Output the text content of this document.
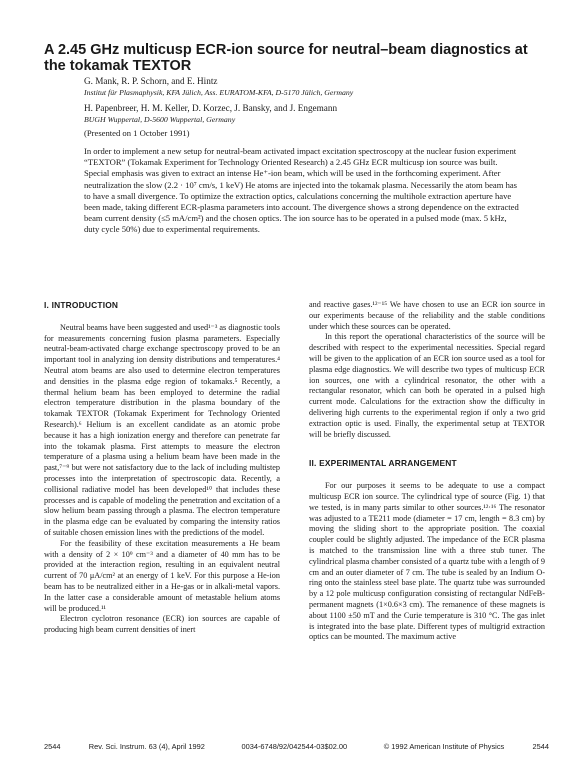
A 2.45 GHz multicusp ECR-ion source for neutral–beam diagnostics at the tokamak TEXTOR
G. Mank, R. P. Schorn, and E. Hintz
Institut für Plasmaphysik, KFA Jülich, Ass. EURATOM-KFA, D-5170 Jülich, Germany
H. Papenbreer, H. M. Keller, D. Korzec, J. Bansky, and J. Engemann
BUGH Wuppertal, D-5600 Wuppertal, Germany
(Presented on 1 October 1991)

In order to implement a new setup for neutral-beam activated impact excitation spectroscopy at the nuclear fusion experiment “TEXTOR” (Tokamak Experiment for Technology Oriented Research) a 2.45 GHz ECR multicusp ion source was built. Special emphasis was given to extract an intense He⁺-ion beam, which will be used in the forthcoming experiment. After neutralization the slow (2.2 · 10⁷ cm/s, 1 keV) He atoms are injected into the tokamak plasma. Necessarily the atom beam has to have a small divergence. To optimize the extraction optics, calculations concerning the multihole extraction aperture have been made, taking different ECR-plasma parameters into account. The divergence shows a strong dependence on the extracted beam current density (≤5 mA/cm²) and the chosen optics. The ion source has to be operated in a pulsed mode (max. 5 kHz, duty cycle 50%) due to experimental requirements.

I. INTRODUCTION

Neutral beams have been suggested and used¹⁻³ as diagnostic tools for measurements concerning fusion plasma parameters. Especially neutral-beam-activated charge exchange spectroscopy proved to be an important tool in analyzing ion density distributions and temperatures.⁴ Neutral atom beams are also used to determine electron temperatures and densities in the plasma edge region of tokamaks.⁵ Recently, a thermal helium beam has been employed to determine the radial electron temperature distribution in the plasma boundary of the tokamak TEXTOR (Tokamak Experiment for Technology Oriented Research).⁶ Helium is an excellent candidate as an atomic probe because it has a high ionization energy and therefore can penetrate far into the tokamak plasma. First attempts to measure the electron temperature of a plasma using a helium beam have been made in the past,⁷⁻⁹ but were not satisfactory due to the lack of including multistep processes into the interpretation of spectroscopic data. Recently, a collisional radiative model has been developed¹⁰ that includes these processes and is capable of modeling the penetration and excitation of a slow helium beam passing through a plasma. The electron temperature in the plasma edge can be evaluated by comparing the intensity ratios of suitable chosen emission lines with the predictions of the model.

For the feasibility of these excitation measurements a He beam with a density of 2 × 10⁹ cm⁻³ and a diameter of 40 mm has to be provided at the interaction region, resulting in an equivalent neutral current of 70 μA/cm² at an energy of 1 keV. For this purpose a He-ion beam has to be neutralized either in a He-gas or in alkali-metal vapors. In the latter case a considerable amount of metastable helium atoms will be produced.¹¹

Electron cyclotron resonance (ECR) ion sources are capable of producing high beam current densities of inert

and reactive gases.¹²⁻¹⁵ We have chosen to use an ECR ion source in our experiments because of the reliability and the stable conditions under which these sources can be operated.

In this report the operational characteristics of the source will be described with respect to the experimental necessities. Special regard will be given to the application of an ECR ion source used as a tool for plasma edge diagnostics. We will describe two types of multicusp ECR ion sources, one with a cylindrical resonator, the other with a rectangular resonator, which can both be operated in a pulsed high current mode. Calculations for the extraction show the difficulty in delivering high currents to the experimental region if only a two grid extraction optic is used. Finally, the experimental setup at TEXTOR will be briefly discussed.

II. EXPERIMENTAL ARRANGEMENT

For our purposes it seems to be adequate to use a compact multicusp ECR ion source. The cylindrical type of source (Fig. 1) that we tested, is in many parts similar to other sources.¹²·¹⁶ The resonator was adjusted to a TE211 mode (diameter = 17 cm, length = 8.3 cm) by moving the sliding short to the appropriate position. The coaxial coupler could be slightly adjusted. The impedance of the ECR plasma is matched to the transmission line with a three stub tuner. The cylindrical plasma chamber consisted of a quartz tube with a length of 9 cm and an outer diameter of 7 cm. The tube is sealed by an Indium O-ring onto the stainless steel base plate. The quartz tube was surrounded by a 12 pole multicusp configuration consisting of rectangular NdFeB-permanent magnets (1×0.6×3 cm). The remanence of these magnets is about 1100 ±50 mT and the Curie temperature is 310 °C. The gas inlet is integrated into the base plate. Different types of multigrid extraction optics can be mounted. The maximum active

2544	Rev. Sci. Instrum. 63 (4), April 1992	0034-6748/92/042544-03$02.00	© 1992 American Institute of Physics	2544
